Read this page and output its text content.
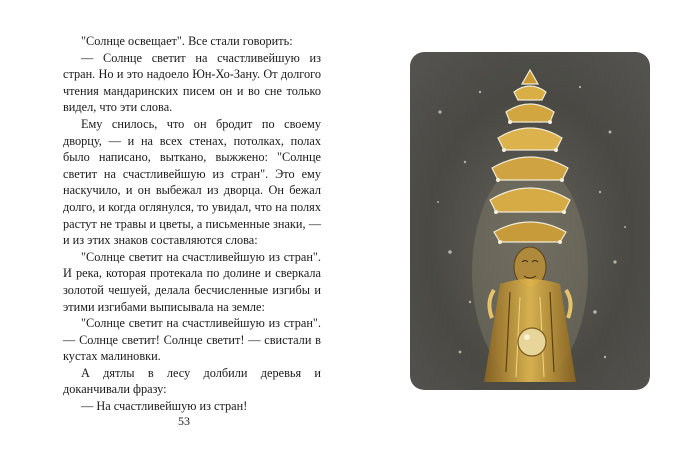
"Солнце освещает". Все стали говорить:

— Солнце светит на счастливейшую из стран. Но и это надоело Юн-Хо-Зану. От долгого чтения мандаринских писем он и во сне только видел, что эти слова.

Ему снилось, что он бродит по своему дворцу, — и на всех стенах, потолках, полах было написано, выткано, выжжено: "Солнце светит на счастливейшую из стран". Это ему наскучило, и он выбежал из дворца. Он бежал долго, и когда оглянулся, то увидал, что на полях растут не травы и цветы, а письменные знаки, — и из этих знаков составляются слова:

"Солнце светит на счастливейшую из стран". И река, которая протекала по долине и сверкала золотой чешуей, делала бесчисленные изгибы и этими изгибами выписывала на земле:

"Солнце светит на счастливейшую из стран". — Солнце светит! Солнце светит! — свистали в кустах малиновки.

А дятлы в лесу долбили деревья и доканчивали фразу:

— На счастливейшую из стран!

53
